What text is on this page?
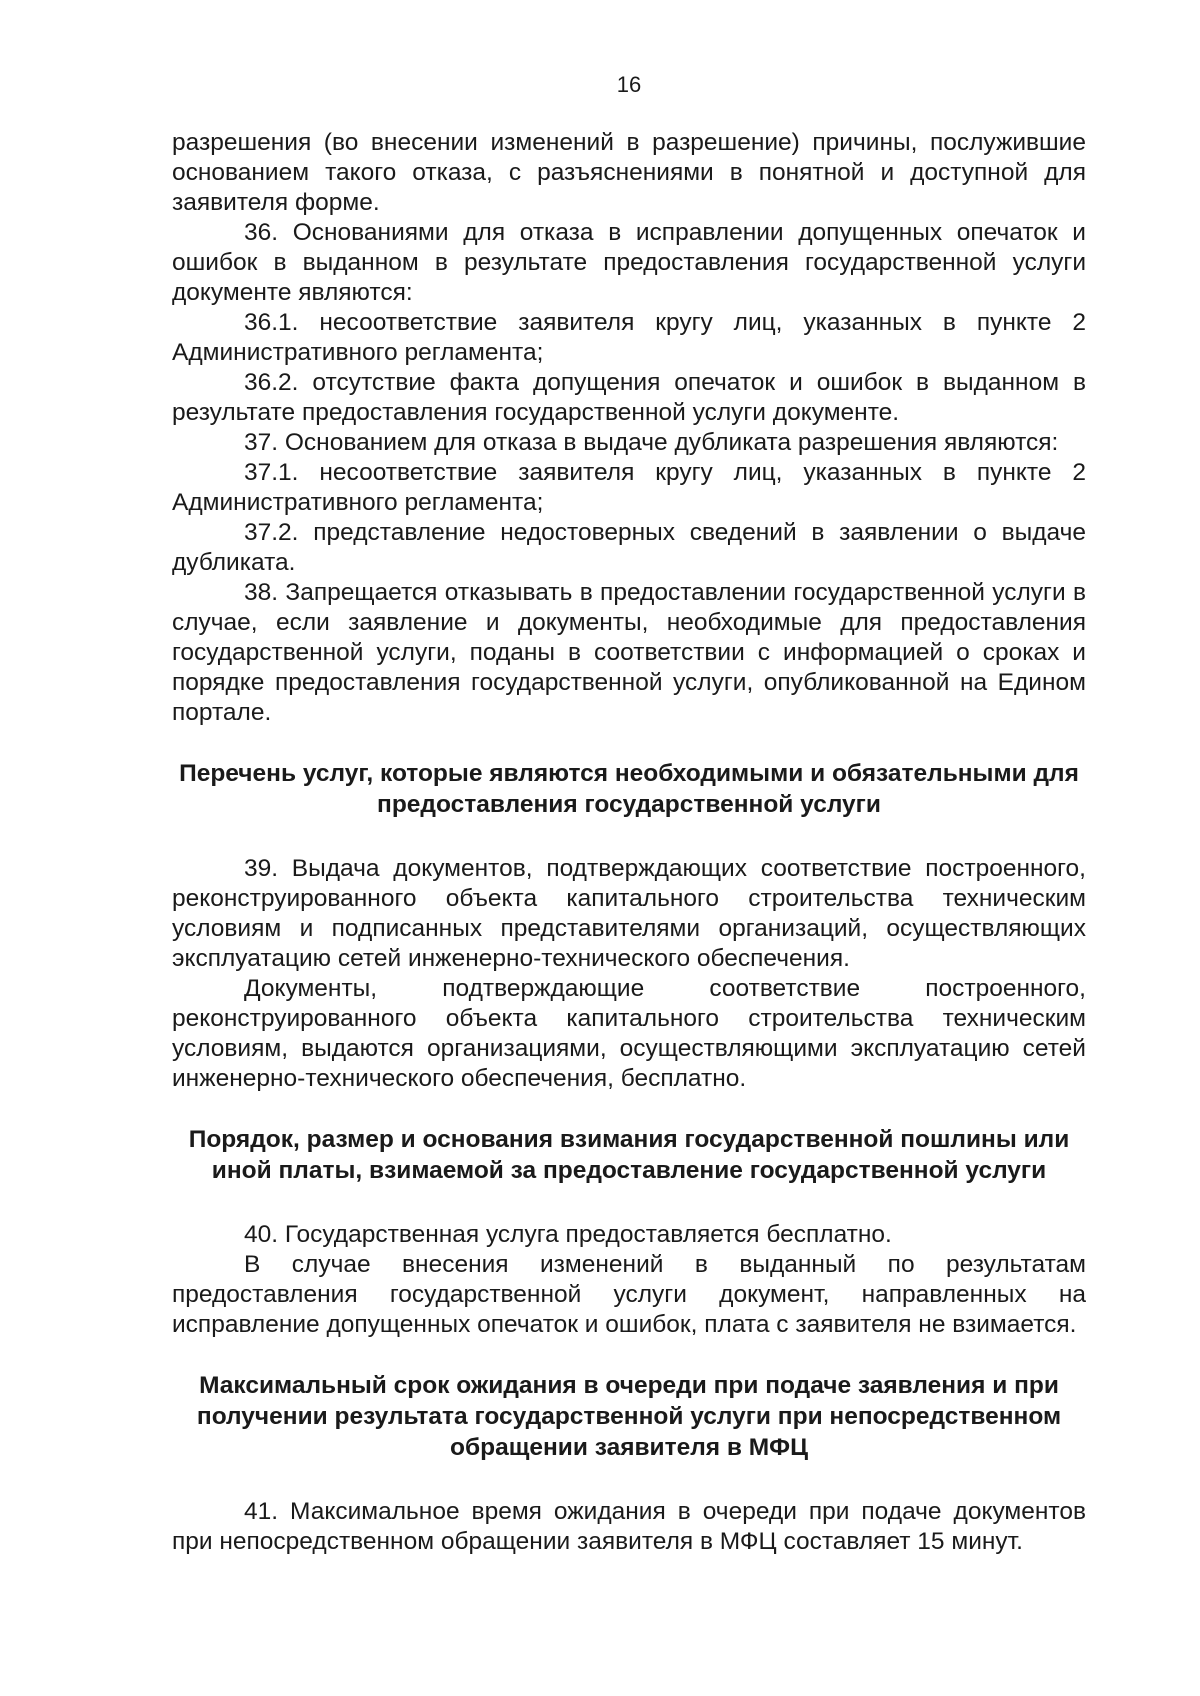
16

разрешения (во внесении изменений в разрешение) причины, послужившие основанием такого отказа, с разъяснениями в понятной и доступной для заявителя форме.

36. Основаниями для отказа в исправлении допущенных опечаток и ошибок в выданном в результате предоставления государственной услуги документе являются:

36.1. несоответствие заявителя кругу лиц, указанных в пункте 2 Административного регламента;

36.2. отсутствие факта допущения опечаток и ошибок в выданном в результате предоставления государственной услуги документе.

37. Основанием для отказа в выдаче дубликата разрешения являются:

37.1. несоответствие заявителя кругу лиц, указанных в пункте 2 Административного регламента;

37.2. представление недостоверных сведений в заявлении о выдаче дубликата.

38. Запрещается отказывать в предоставлении государственной услуги в случае, если заявление и документы, необходимые для предоставления государственной услуги, поданы в соответствии с информацией о сроках и порядке предоставления государственной услуги, опубликованной на Едином портале.

Перечень услуг, которые являются необходимыми и обязательными для предоставления государственной услуги

39. Выдача документов, подтверждающих соответствие построенного, реконструированного объекта капитального строительства техническим условиям и подписанных представителями организаций, осуществляющих эксплуатацию сетей инженерно-технического обеспечения.

Документы, подтверждающие соответствие построенного, реконструированного объекта капитального строительства техническим условиям, выдаются организациями, осуществляющими эксплуатацию сетей инженерно-технического обеспечения, бесплатно.

Порядок, размер и основания взимания государственной пошлины или иной платы, взимаемой за предоставление государственной услуги

40. Государственная услуга предоставляется бесплатно.

В случае внесения изменений в выданный по результатам предоставления государственной услуги документ, направленных на исправление допущенных опечаток и ошибок, плата с заявителя не взимается.

Максимальный срок ожидания в очереди при подаче заявления и при получении результата государственной услуги при непосредственном обращении заявителя в МФЦ

41. Максимальное время ожидания в очереди при подаче документов при непосредственном обращении заявителя в МФЦ составляет 15 минут.
